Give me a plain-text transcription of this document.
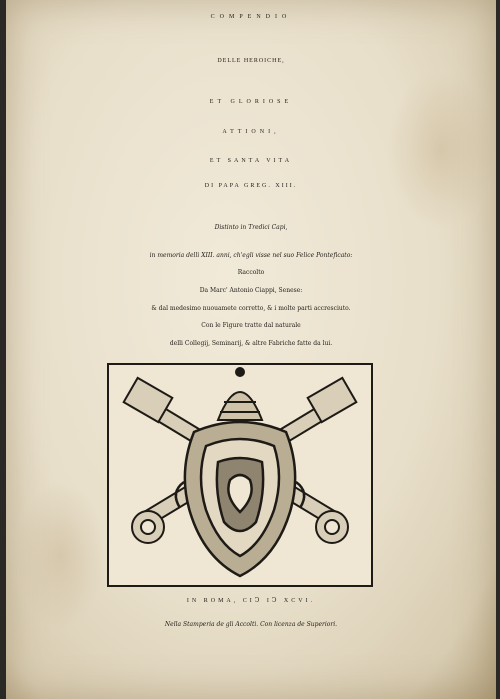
COMPENDIO
DELLE HEROICHE,
ET GLORIOSE
ATTIONI,
ET SANTA VITA
DI PAPA GREG. XIII.
Distinto in Tredici Capi,
in memoria delli XIII. anni, ch'egli visse nel suo Felice Ponteficato:
Raccolto
Da Marc' Antonio Ciappi, Senese:
& dal medesimo nuouamete corretto, & i molte parti accresciuto.
Con le Figure tratte dal naturale
delli Collegij, Seminarij, & altre Fabriche fatte da lui.
IN ROMA, CIↃ IↃ XCVI.
Nella Stamperia de gli Accolti. Con licenza de Superiori.
